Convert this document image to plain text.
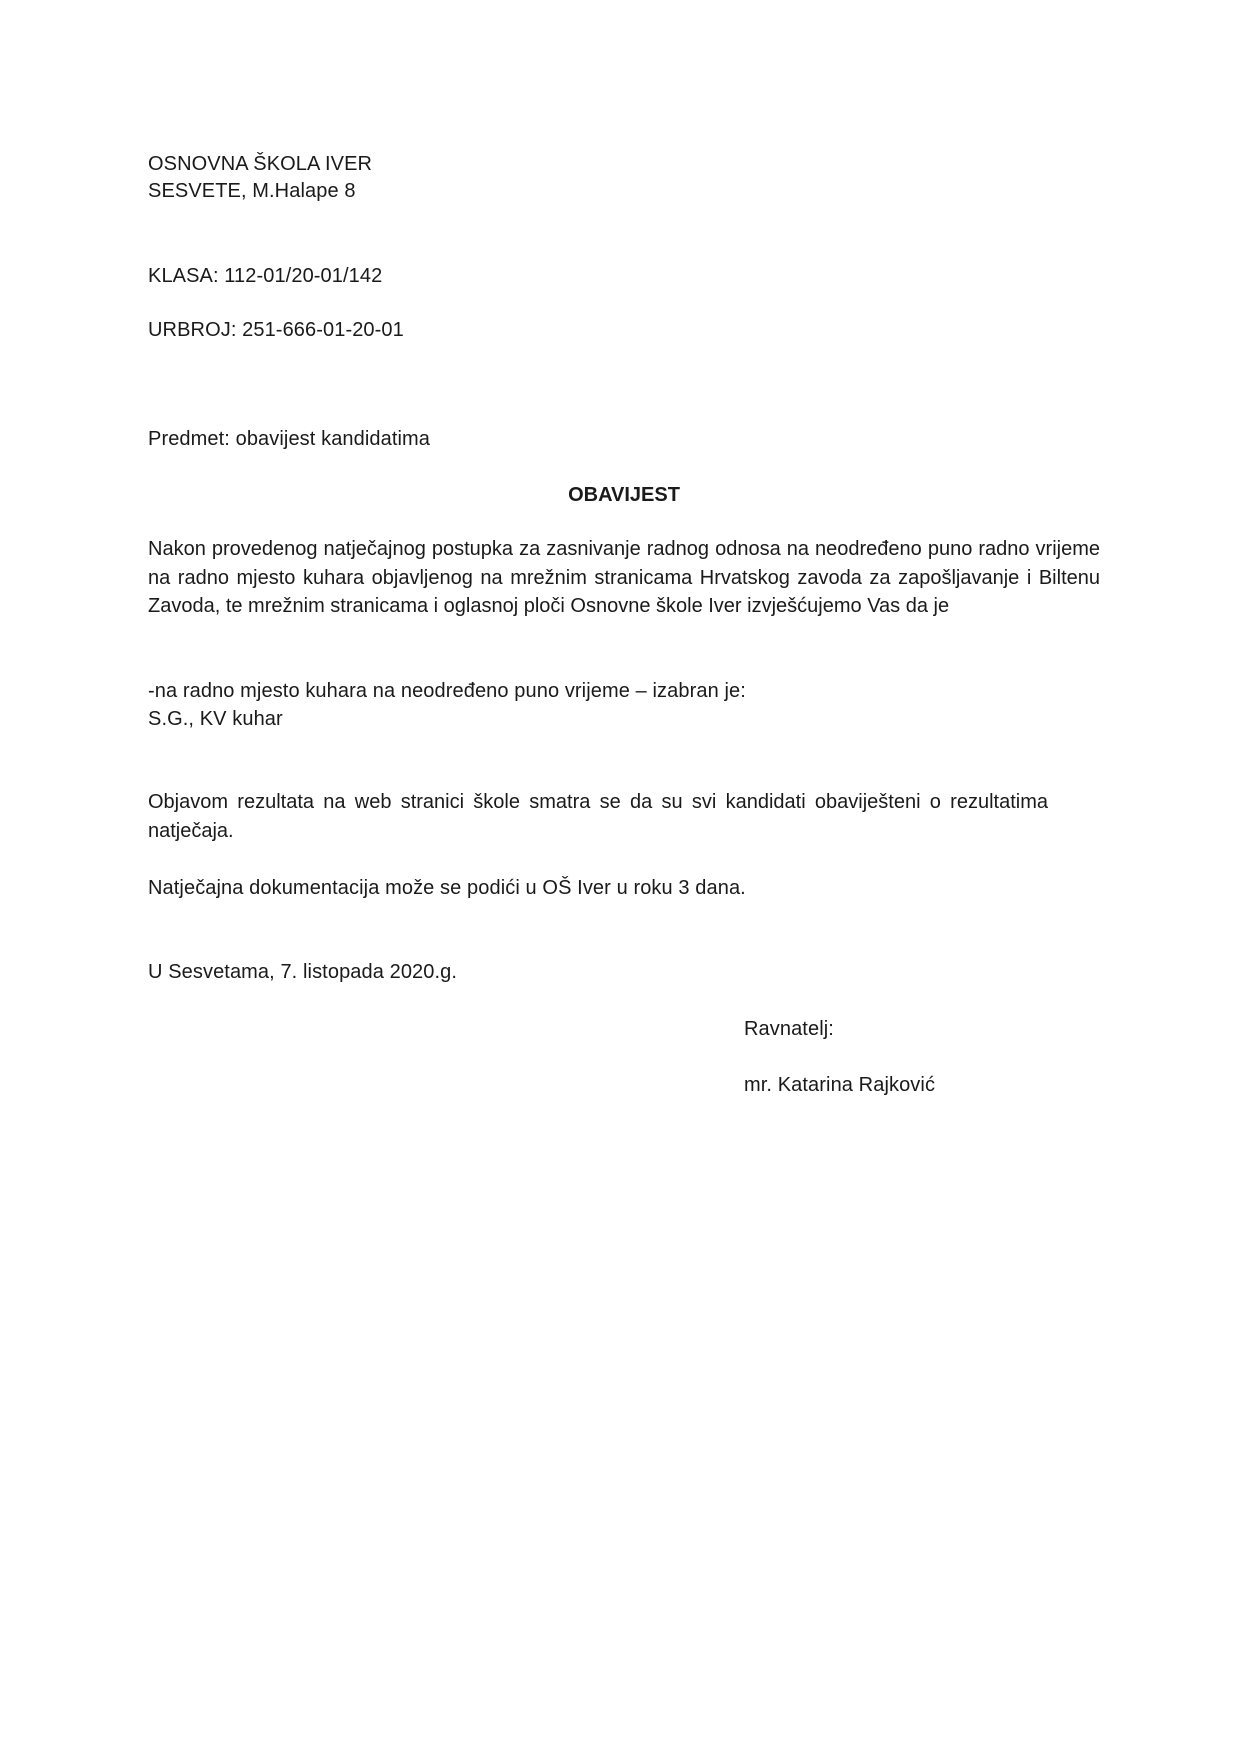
OSNOVNA ŠKOLA IVER
SESVETE, M.Halape 8
KLASA: 112-01/20-01/142
URBROJ: 251-666-01-20-01
Predmet: obavijest kandidatima
OBAVIJEST
Nakon provedenog natječajnog postupka za zasnivanje radnog odnosa na neodređeno puno radno vrijeme na radno mjesto kuhara objavljenog na mrežnim stranicama Hrvatskog zavoda za zapošljavanje i Biltenu Zavoda, te mrežnim stranicama i oglasnoj ploči Osnovne škole Iver izvješćujemo Vas da je
-na radno mjesto kuhara na neodređeno puno vrijeme – izabran je:
S.G., KV kuhar
Objavom rezultata na web stranici škole smatra se da su svi kandidati obaviješteni o rezultatima natječaja.
Natječajna dokumentacija može se podići u OŠ Iver u roku 3 dana.
U Sesvetama, 7. listopada 2020.g.
Ravnatelj:
mr. Katarina Rajković
